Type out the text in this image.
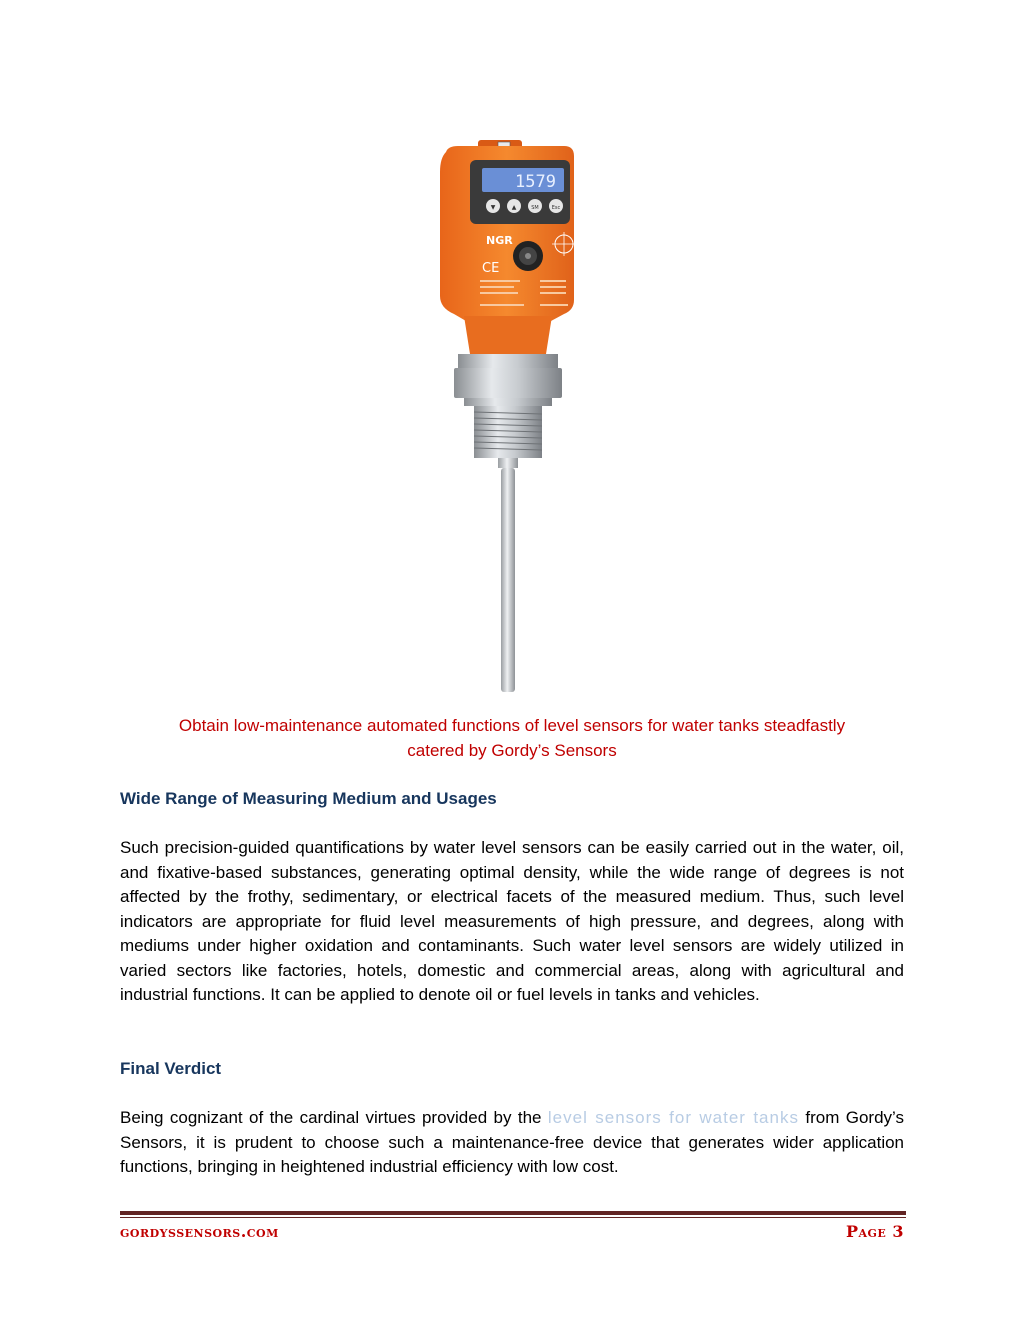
1579
▼	▲	SM	Esc
NGR
CE
Obtain low-maintenance automated functions of level sensors for water tanks steadfastly
catered by Gordy’s Sensors
Wide Range of Measuring Medium and Usages
Such precision-guided quantifications by water level sensors can be easily carried out in the water, oil, and fixative-based substances, generating optimal density, while the wide range of degrees is not affected by the frothy, sedimentary, or electrical facets of the measured medium. Thus, such level indicators are appropriate for fluid level measurements of high pressure, and degrees, along with mediums under higher oxidation and contaminants. Such water level sensors are widely utilized in varied sectors like factories, hotels, domestic and commercial areas, along with agricultural and industrial functions. It can be applied to denote oil or fuel levels in tanks and vehicles.
Final Verdict
Being cognizant of the cardinal virtues provided by the level sensors for water tanks from Gordy’s Sensors, it is prudent to choose such a maintenance-free device that generates wider application functions, bringing in heightened industrial efficiency with low cost.
gordyssensors.com	Page 3
